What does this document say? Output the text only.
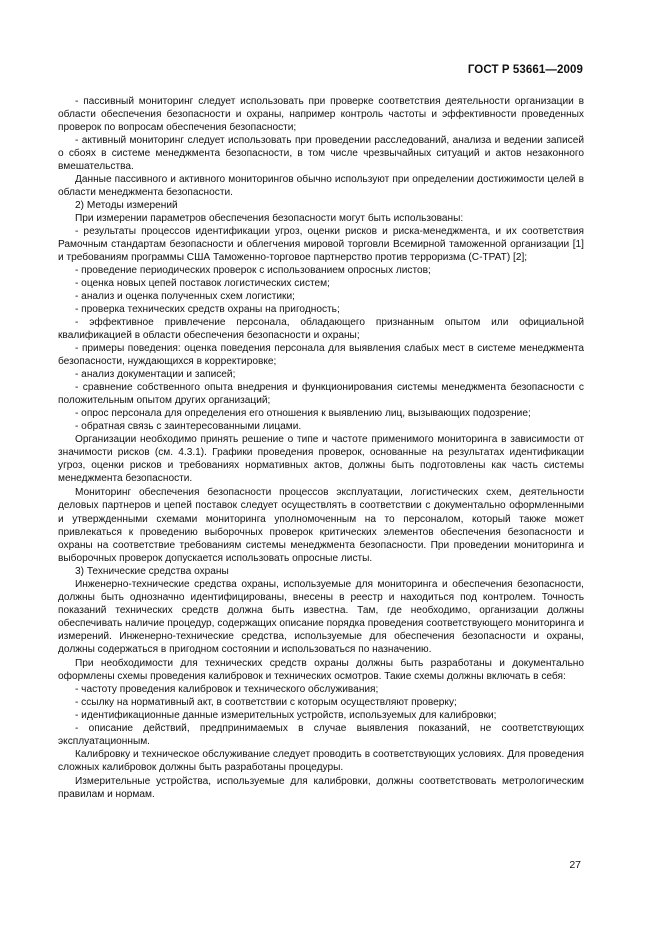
ГОСТ Р 53661—2009

- пассивный мониторинг следует использовать при проверке соответствия деятельности организации в области обеспечения безопасности и охраны, например контроль частоты и эффективности проведенных проверок по вопросам обеспечения безопасности;

- активный мониторинг следует использовать при проведении расследований, анализа и ведении записей о сбоях в системе менеджмента безопасности, в том числе чрезвычайных ситуаций и актов незаконного вмешательства.

Данные пассивного и активного мониторингов обычно используют при определении достижимости целей в области менеджмента безопасности.

2) Методы измерений

При измерении параметров обеспечения безопасности могут быть использованы:

- результаты процессов идентификации угроз, оценки рисков и риска-менеджмента, и их соответствия Рамочным стандартам безопасности и облегчения мировой торговли Всемирной таможенной организации [1] и требованиям программы США Таможенно-торговое партнерство против терроризма (C-TPAT) [2];

- проведение периодических проверок с использованием опросных листов;

- оценка новых цепей поставок логистических систем;

- анализ и оценка полученных схем логистики;

- проверка технических средств охраны на пригодность;

- эффективное привлечение персонала, обладающего признанным опытом или официальной квалификацией в области обеспечения безопасности и охраны;

- примеры поведения: оценка поведения персонала для выявления слабых мест в системе менеджмента безопасности, нуждающихся в корректировке;

- анализ документации и записей;

- сравнение собственного опыта внедрения и функционирования системы менеджмента безопасности с положительным опытом других организаций;

- опрос персонала для определения его отношения к выявлению лиц, вызывающих подозрение;

- обратная связь с заинтересованными лицами.

Организации необходимо принять решение о типе и частоте применимого мониторинга в зависимости от значимости рисков (см. 4.3.1). Графики проведения проверок, основанные на результатах идентификации угроз, оценки рисков и требованиях нормативных актов, должны быть подготовлены как часть системы менеджмента безопасности.

Мониторинг обеспечения безопасности процессов эксплуатации, логистических схем, деятельности деловых партнеров и цепей поставок следует осуществлять в соответствии с документально оформленными и утвержденными схемами мониторинга уполномоченным на то персоналом, который также может привлекаться к проведению выборочных проверок критических элементов обеспечения безопасности и охраны на соответствие требованиям системы менеджмента безопасности. При проведении мониторинга и выборочных проверок допускается использовать опросные листы.

3) Технические средства охраны

Инженерно-технические средства охраны, используемые для мониторинга и обеспечения безопасности, должны быть однозначно идентифицированы, внесены в реестр и находиться под контролем. Точность показаний технических средств должна быть известна. Там, где необходимо, организации должны обеспечивать наличие процедур, содержащих описание порядка проведения соответствующего мониторинга и измерений. Инженерно-технические средства, используемые для обеспечения безопасности и охраны, должны содержаться в пригодном состоянии и использоваться по назначению.

При необходимости для технических средств охраны должны быть разработаны и документально оформлены схемы проведения калибровок и технических осмотров. Такие схемы должны включать в себя:

- частоту проведения калибровок и технического обслуживания;

- ссылку на нормативный акт, в соответствии с которым осуществляют проверку;

- идентификационные данные измерительных устройств, используемых для калибровки;

- описание действий, предпринимаемых в случае выявления показаний, не соответствующих эксплуатационным.

Калибровку и техническое обслуживание следует проводить в соответствующих условиях. Для проведения сложных калибровок должны быть разработаны процедуры.

Измерительные устройства, используемые для калибровки, должны соответствовать метрологическим правилам и нормам.

27
